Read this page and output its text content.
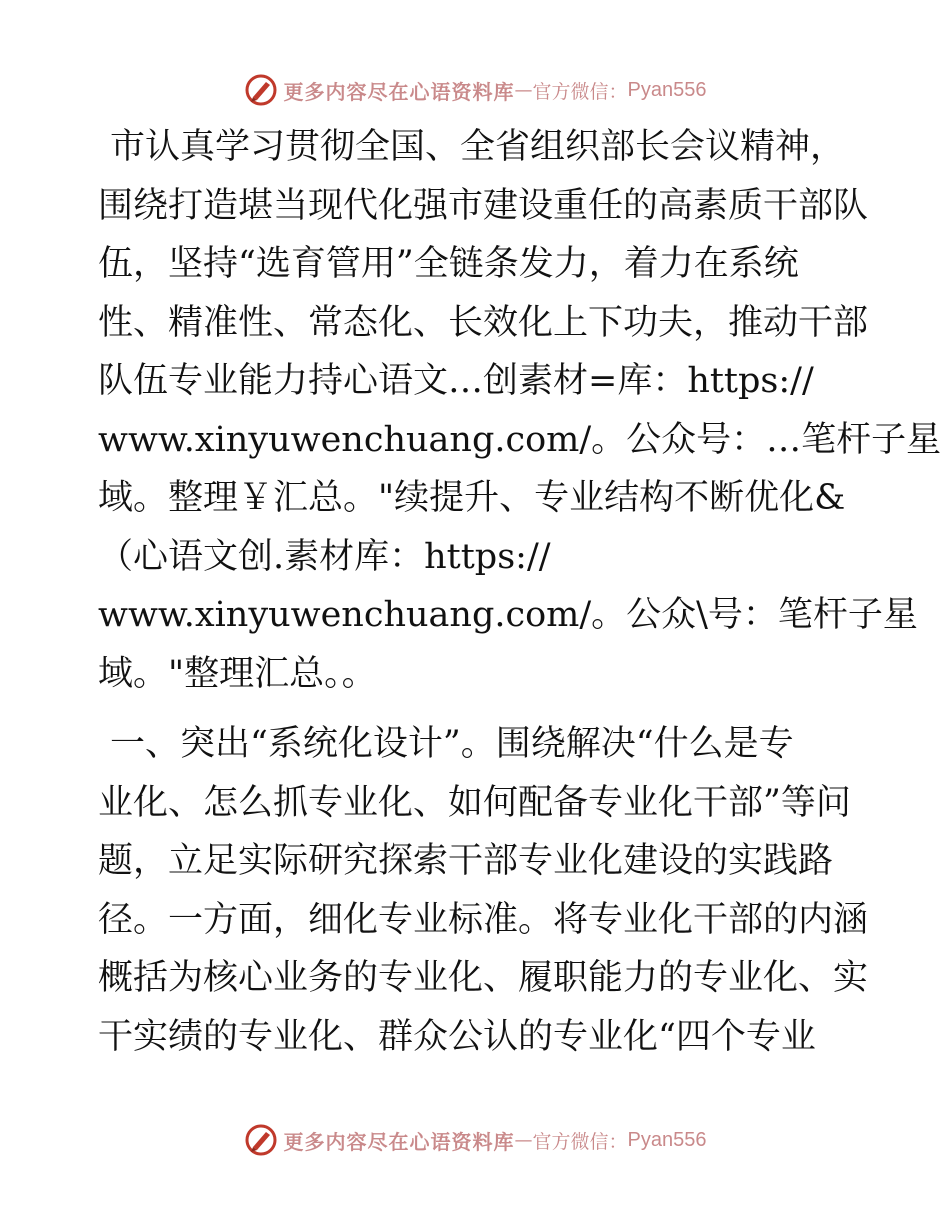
更多内容尽在心语资料库 — 官方微信： Pyan556
市认真学习贯彻全国、全省组织部长会议精神，
围绕打造堪当现代化强市建设重任的高素质干部队
伍，坚持“选育管用”全链条发力，着力在系统
性、精准性、常态化、长效化上下功夫，推动干部
队伍专业能力持心语文…创素材=库：https://
www.xinyuwenchuang.com/。公众号：…笔杆子星
域。整理￥汇总。"续提升、专业结构不断优化&
（心语文创.素材库：https://
www.xinyuwenchuang.com/。公众\号：笔杆子星
域。"整理汇总。。
一、突出“系统化设计”。围绕解决“什么是专
业化、怎么抓专业化、如何配备专业化干部”等问
题，立足实际研究探索干部专业化建设的实践路
径。一方面，细化专业标准。将专业化干部的内涵
概括为核心业务的专业化、履职能力的专业化、实
干实绩的专业化、群众公认的专业化“四个专业
更多内容尽在心语资料库 — 官方微信： Pyan556
